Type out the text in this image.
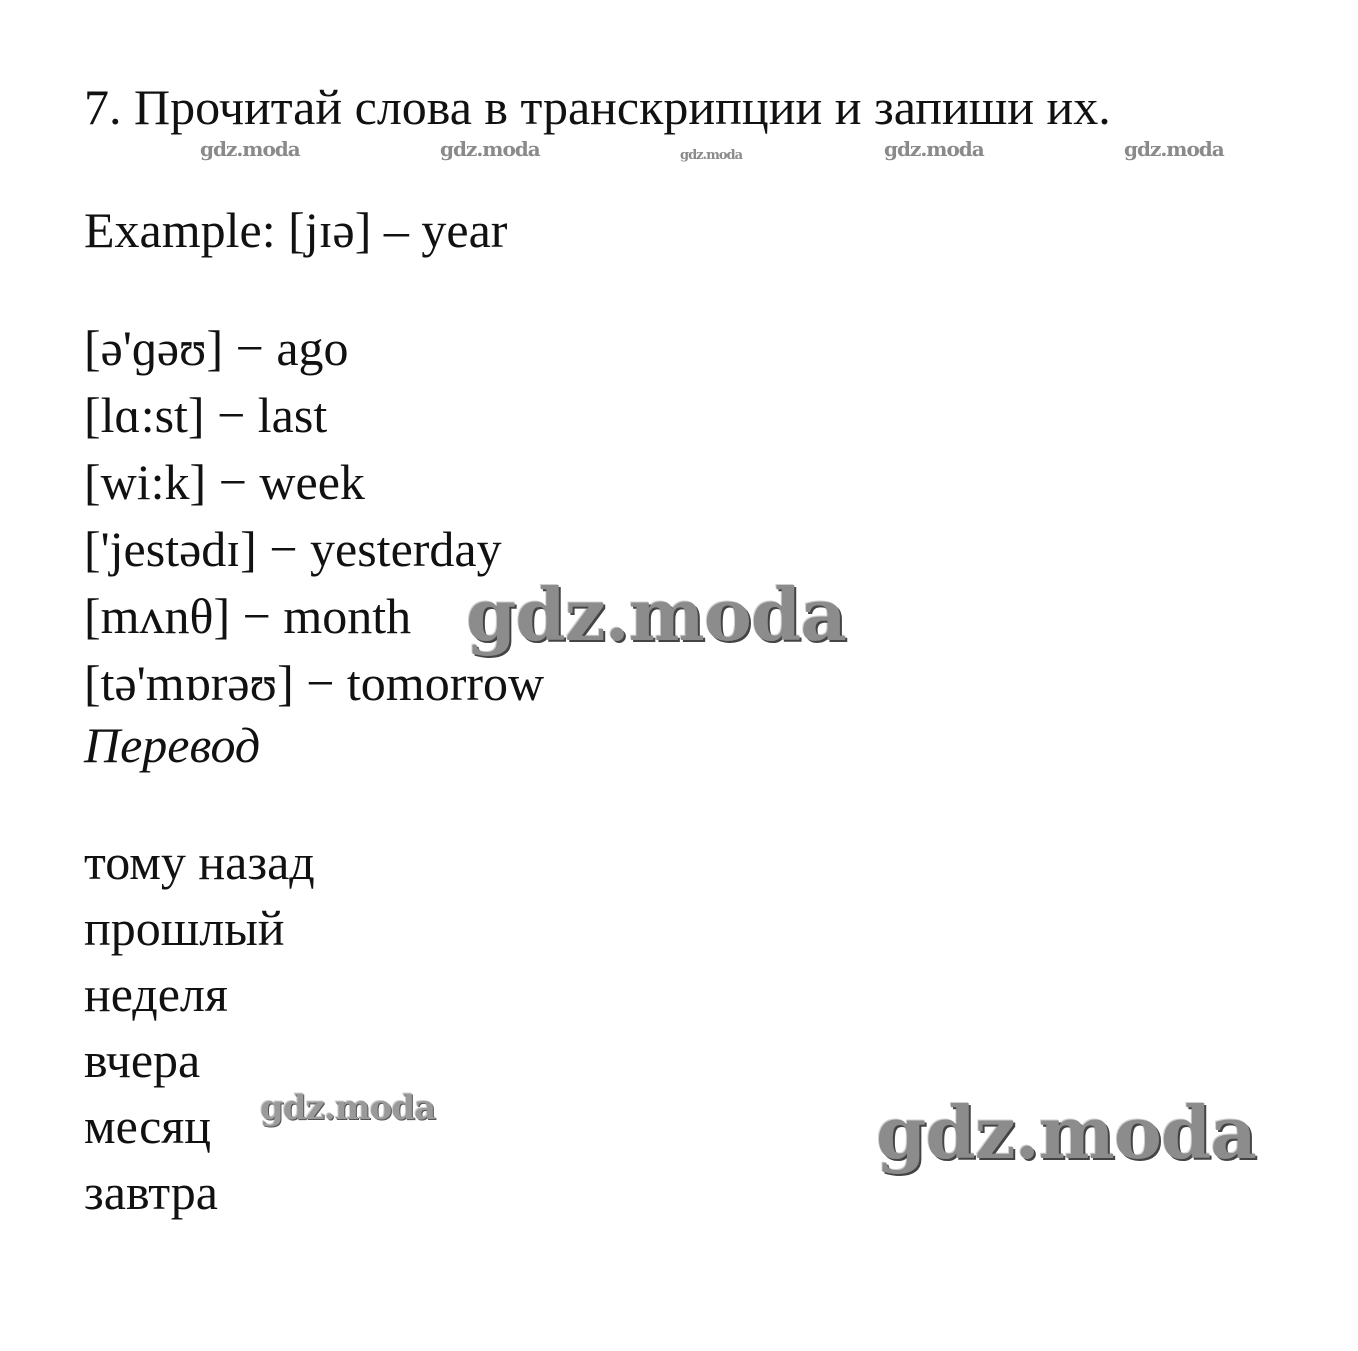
7. Прочитай слова в транскрипции и запиши их.
gdz.moda	gdz.moda	gdz.moda	gdz.moda	gdz.moda
Example: [jɪə] – year
[ə'ɡəʊ] − ago
[lɑ:st] − last
[wi:k] − week
['jestədɪ] − yesterday
[mʌnθ] − month
[tə'mɒrəʊ] − tomorrow
gdz.moda
Перевод
тому назад
прошлый
неделя
вчера
месяц
завтра
gdz.moda	gdz.moda
